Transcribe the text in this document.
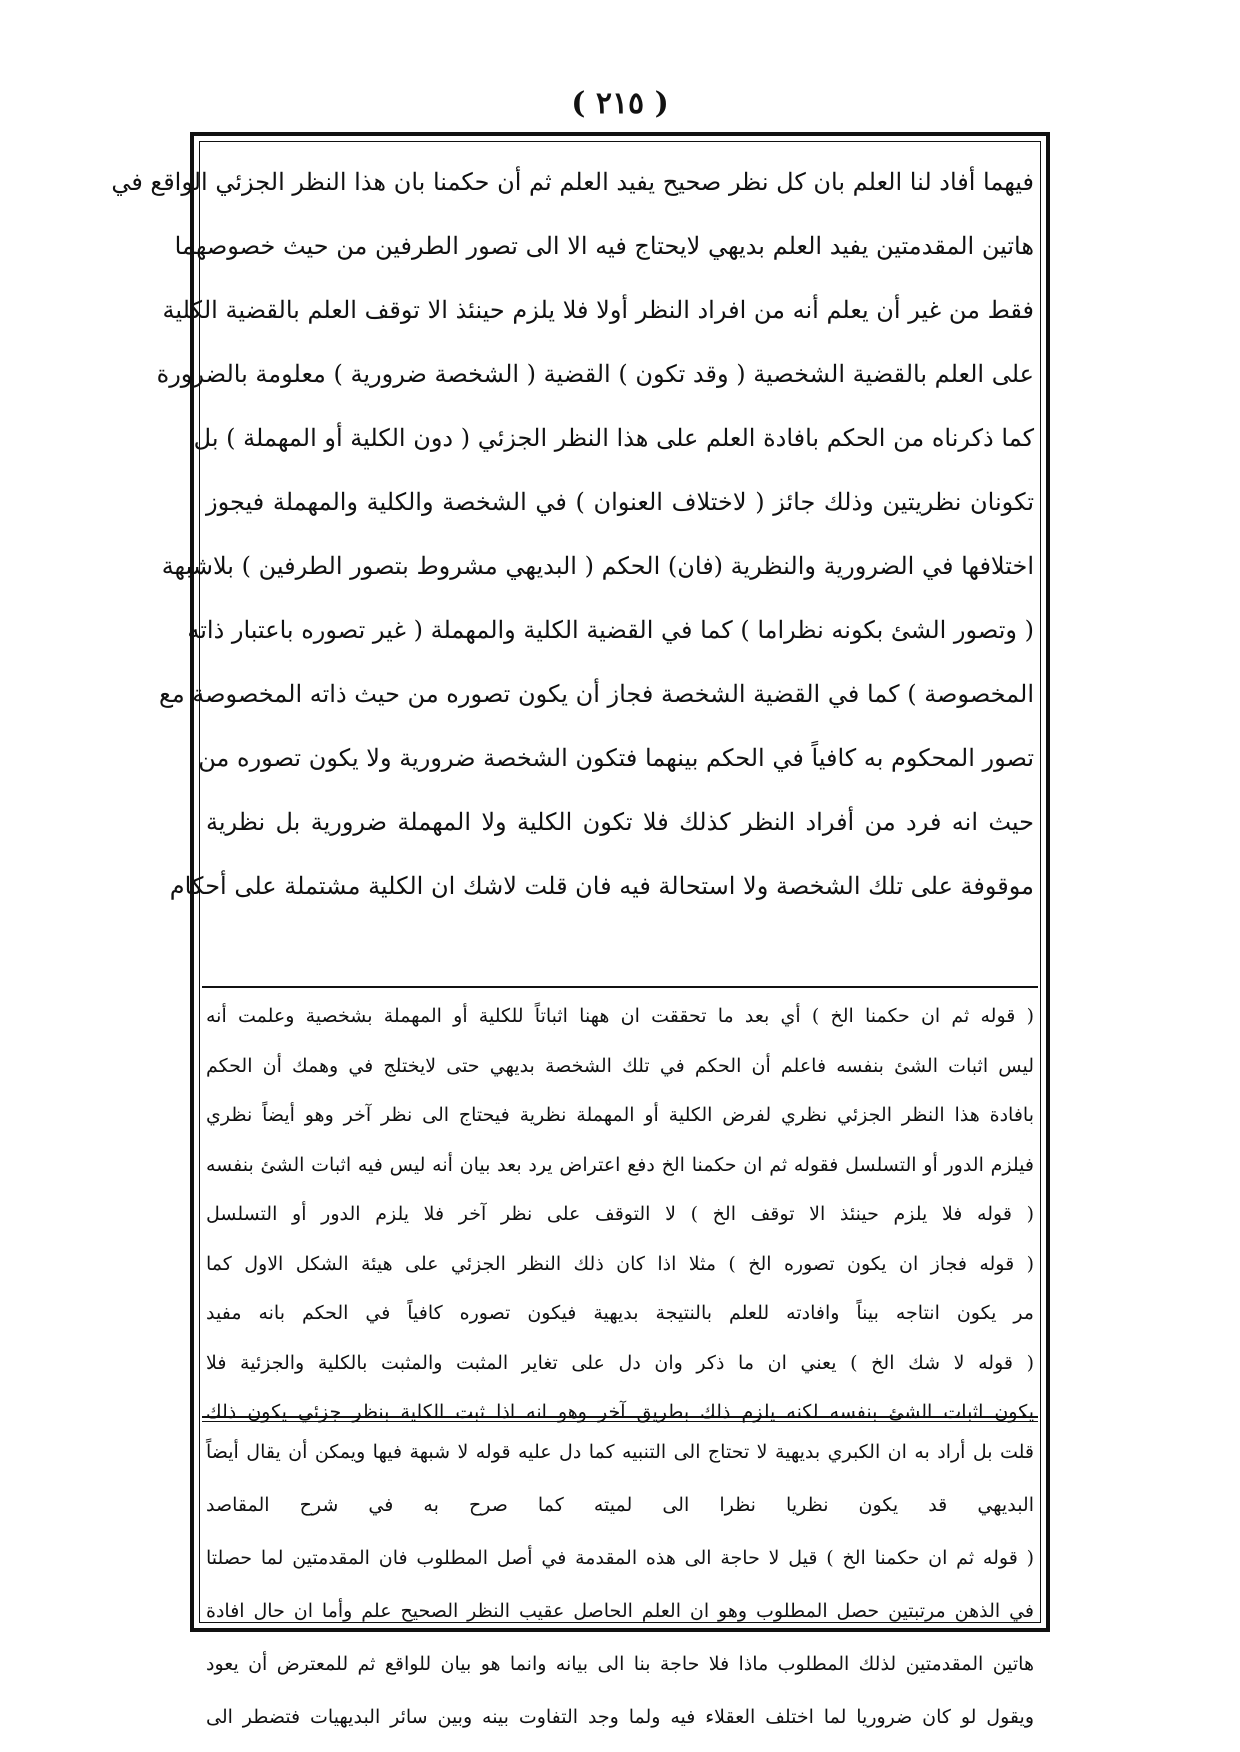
( ٢١٥ )
فيهما أفاد لنا العلم بان كل نظر صحيح يفيد العلم ثم أن حكمنا بان هذا النظر الجزئي الواقع في
هاتين المقدمتين يفيد العلم بديهي لايحتاج فيه الا الى تصور الطرفين من حيث خصوصهما
فقط من غير أن يعلم أنه من افراد النظر أولا فلا يلزم حينئذ الا توقف العلم بالقضية الكلية
على العلم بالقضية الشخصية ( وقد تكون ) القضية ( الشخصة ضرورية ) معلومة بالضرورة
كما ذكرناه من الحكم بافادة العلم على هذا النظر الجزئي ( دون الكلية أو المهملة ) بل
تكونان نظريتين وذلك جائز ( لاختلاف العنوان ) في الشخصة والكلية والمهملة فيجوز
اختلافها في الضرورية والنظرية (فان) الحكم ( البديهي مشروط بتصور الطرفين ) بلاشبهة
( وتصور الشئ بكونه نظراما ) كما في القضية الكلية والمهملة ( غير تصوره باعتبار ذاته
المخصوصة ) كما في القضية الشخصة فجاز أن يكون تصوره من حيث ذاته المخصوصة مع
تصور المحكوم به كافياً في الحكم بينهما فتكون الشخصة ضرورية ولا يكون تصوره من
حيث انه فرد من أفراد النظر كذلك فلا تكون الكلية ولا المهملة ضرورية بل نظرية
موقوفة على تلك الشخصة ولا استحالة فيه فان قلت لاشك ان الكلية مشتملة على أحكام
( قوله ثم ان حكمنا الخ ) أي بعد ما تحققت ان ههنا اثباتاً للكلية أو المهملة بشخصية وعلمت أنه
ليس اثبات الشئ بنفسه فاعلم أن الحكم في تلك الشخصة بديهي حتى لايختلج في وهمك أن الحكم
بافادة هذا النظر الجزئي نظري لفرض الكلية أو المهملة نظرية فيحتاج الى نظر آخر وهو أيضاً نظري
فيلزم الدور أو التسلسل فقوله ثم ان حكمنا الخ دفع اعتراض يرد بعد بيان أنه ليس فيه اثبات الشئ بنفسه
( قوله فلا يلزم حينئذ الا توقف الخ ) لا التوقف على نظر آخر فلا يلزم الدور أو التسلسل
( قوله فجاز ان يكون تصوره الخ ) مثلا اذا كان ذلك النظر الجزئي على هيئة الشكل الاول كما
مر يكون انتاجه بيناً وافادته للعلم بالنتيجة بديهية فيكون تصوره كافياً في الحكم بانه مفيد
( قوله لا شك الخ ) يعني ان ما ذكر وان دل على تغاير المثبت والمثبت بالكلية والجزئية فلا
يكون اثبات الشئ بنفسه لكنه يلزم ذلك بطريق آخر وهو انه اذا ثبت الكلية بنظر جزئي يكون ذلك
قلت بل أراد به ان الكبري بديهية لا تحتاج الى التنبيه كما دل عليه قوله لا شبهة فيها ويمكن أن يقال أيضاً
البديهي قد يكون نظريا نظرا الى لميته كما صرح به في شرح المقاصد
( قوله ثم ان حكمنا الخ ) قيل لا حاجة الى هذه المقدمة في أصل المطلوب فان المقدمتين لما حصلتا
في الذهن مرتبتين حصل المطلوب وهو ان العلم الحاصل عقيب النظر الصحيح علم وأما ان حال افادة
هاتين المقدمتين لذلك المطلوب ماذا فلا حاجة بنا الى بيانه وانما هو بيان للواقع ثم للمعترض أن يعود
ويقول لو كان ضروريا لما اختلف العقلاء فيه ولما وجد التفاوت بينه وبين سائر البديهيات فتضطر الى
